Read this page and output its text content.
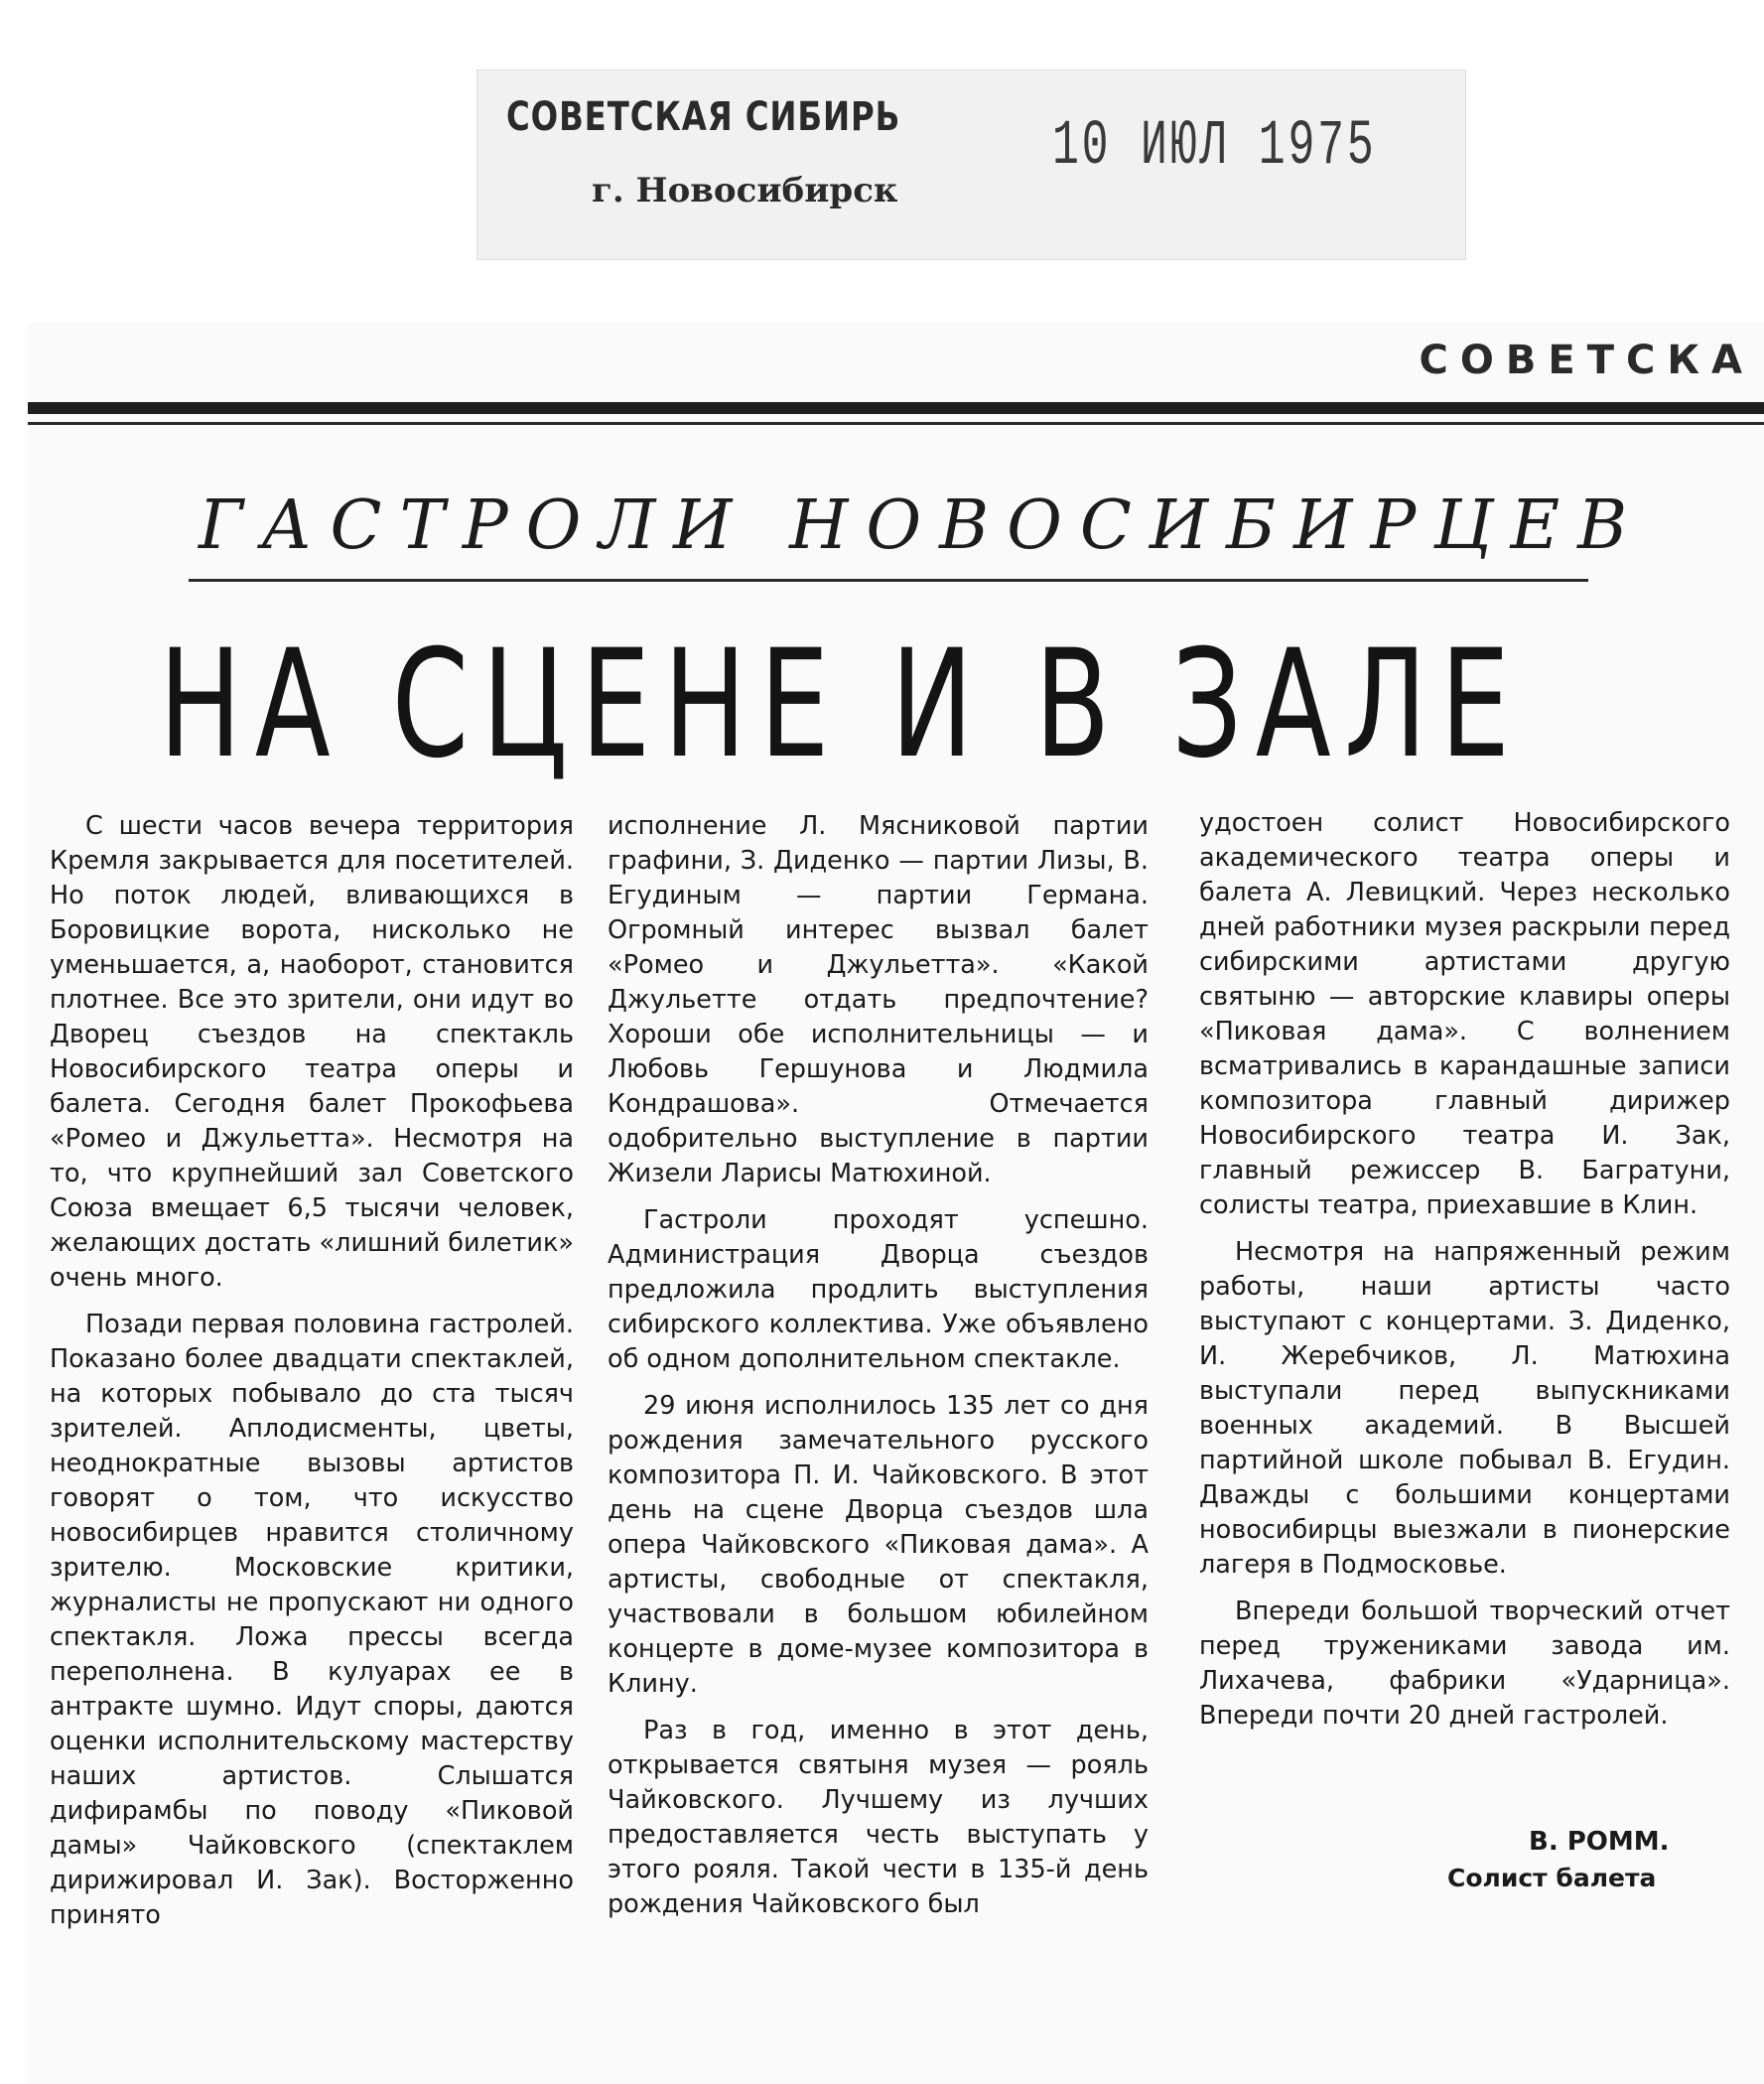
СОВЕТСКАЯ СИБИРЬ
г. Новосибирск
10 ИЮЛ 1975
СОВЕТСКА
ГАСТРОЛИ НОВОСИБИРЦЕВ
НА СЦЕНЕ И В ЗАЛЕ

С шести часов вечера территория Кремля закрывается для посетителей. Но поток людей, вливающихся в Боровицкие ворота, нисколько не уменьшается, а, наоборот, становится плотнее. Все это зрители, они идут во Дворец съездов на спектакль Новосибирского театра оперы и балета. Сегодня балет Прокофьева «Ромео и Джульетта». Несмотря на то, что крупнейший зал Советского Союза вмещает 6,5 тысячи человек, желающих достать «лишний билетик» очень много.

Позади первая половина гастролей. Показано более двадцати спектаклей, на которых побывало до ста тысяч зрителей. Аплодисменты, цветы, неоднократные вызовы артистов говорят о том, что искусство новосибирцев нравится столичному зрителю. Московские критики, журналисты не пропускают ни одного спектакля. Ложа прессы всегда переполнена. В кулуарах ее в антракте шумно. Идут споры, даются оценки исполнительскому мастерству наших артистов. Слышатся дифирамбы по поводу «Пиковой дамы» Чайковского (спектаклем дирижировал И. Зак). Восторженно принято

исполнение Л. Мясниковой партии графини, З. Диденко — партии Лизы, В. Егудиным — партии Германа. Огромный интерес вызвал балет «Ромео и Джульетта». «Какой Джульетте отдать предпочтение? Хороши обе исполнительницы — и Любовь Гершунова и Людмила Кондрашова». Отмечается одобрительно выступление в партии Жизели Ларисы Матюхиной.

Гастроли проходят успешно. Администрация Дворца съездов предложила продлить выступления сибирского коллектива. Уже объявлено об одном дополнительном спектакле.

29 июня исполнилось 135 лет со дня рождения замечательного русского композитора П. И. Чайковского. В этот день на сцене Дворца съездов шла опера Чайковского «Пиковая дама». А артисты, свободные от спектакля, участвовали в большом юбилейном концерте в доме-музее композитора в Клину.

Раз в год, именно в этот день, открывается святыня музея — рояль Чайковского. Лучшему из лучших предоставляется честь выступать у этого рояля. Такой чести в 135-й день рождения Чайковского был

удостоен солист Новосибирского академического театра оперы и балета А. Левицкий. Через несколько дней работники музея раскрыли перед сибирскими артистами другую святыню — авторские клавиры оперы «Пиковая дама». С волнением всматривались в карандашные записи композитора главный дирижер Новосибирского театра И. Зак, главный режиссер В. Багратуни, солисты театра, приехавшие в Клин.

Несмотря на напряженный режим работы, наши артисты часто выступают с концертами. З. Диденко, И. Жеребчиков, Л. Матюхина выступали перед выпускниками военных академий. В Высшей партийной школе побывал В. Егудин. Дважды с большими концертами новосибирцы выезжали в пионерские лагеря в Подмосковье.

Впереди большой творческий отчет перед тружениками завода им. Лихачева, фабрики «Ударница». Впереди почти 20 дней гастролей.

В. РОММ.
Солист балета
